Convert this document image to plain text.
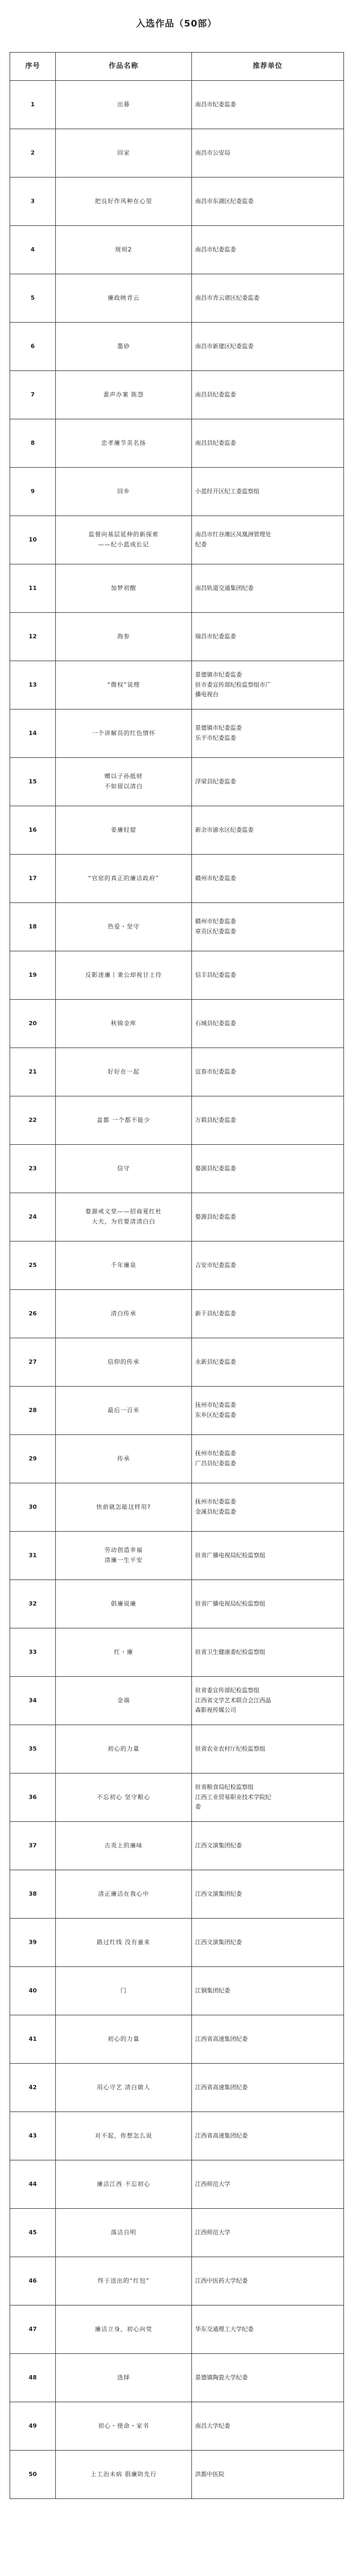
入选作品（50部）
序号	作品名称	推荐单位
1	出幕	南昌市纪委监委

2	回家	南昌市公安局

3	把良好作风种在心里	南昌市东湖区纪委监委

4	规则2	南昌市纪委监委

5	廉政映青云	南昌市青云谱区纪委监委

6	墨砂	南昌市新建区纪委监委

7	蜚声办案 陈怨	南昌县纪委监委

8	忠孝廉节美名扬	南昌县纪委监委

9	回乡	小蓝经开区纪工委监察组

10	监督向基层延伸的新探索
——纪小蓝成长记	南昌市红谷滩区凤凰洲管理处
纪委

11	加梦初醒	南昌轨道交通集团纪委

12	海参	瑞昌市纪委监委

13	“微权”说理	景德镇市纪委监委
驻市委宣传部纪检监察组市广
播电视台

14	一个讲解员的红色情怀	景德镇市纪委监委
乐平市纪委监委

15	赠以子孙抵财
不如留以清白	浮梁县纪委监委

16	姜廉轻窟	新余市渝水区纪委监委

17	“官窑的真正的廉洁政府”	赣州市纪委监委

18	热爱・坚守	赣州市纪委监委
章贡区纪委监委

19	反影迷廉丨秉公却视甘士侍	信丰县纪委监委

20	秋锦金库	石城县纪委监委

21	好好在一起	宜春市纪委监委

22	盆都 一个都不能少	万载县纪委监委

23	信守	婺源县纪委监委

24	婺源戒义堂——招商夏红杜
大夫，为官要清清白白	婺源县纪委监委

25	千年廉泉	吉安市纪委监委

26	清白传承	新干县纪委监委

27	信仰的传承	永新县纪委监委

28	最后一百米	抚州市纪委监委
东乡区纪委监委

29	传承	抚州市纪委监委
广昌县纪委监委

30	快前就怎能这样用?	抚州市纪委监委
金溪县纪委监委

31	劳动创造幸福
清廉一生平安	驻省广播电视局纪检监察组

32	倡廉说廉	驻省广播电视局纪检监察组

33	红・廉	驻省卫生健康委纪检监察组

34	金端	驻省委宣传部纪检监察组
江西省文学艺术联合会江西晶
森影视传媒公司

35	初心的力量	驻省农业农村厅纪检监察组

36	不忘初心 坚守粮心	驻省粮食局纪检监察组
江西工业贸易职业技术学院纪
委

37	古炎上的廉味	江西文演集团纪委

38	清正廉洁在我心中	江西文演集团纪委

39	路过红线 没有童来	江西文演集团纪委

40	门	江铜集团纪委

41	初心的力量	江西省高速集团纪委

42	用心守艺 清白做人	江西省高速集团纪委

43	对不起，你想怎么说	江西省高速集团纪委

44	廉洁江西 不忘初心	江西师范大学

45	落洁自明	江西师范大学

46	终于送出的“红包”	江西中医药大学纪委

47	廉洁立身，初心向党	华东交通理工大学纪委

48	选择	景德镇陶瓷大学纪委

49	初心・使命・家书	南昌大学纪委

50	上工治未病 倡廉防先行	洪都中医院
